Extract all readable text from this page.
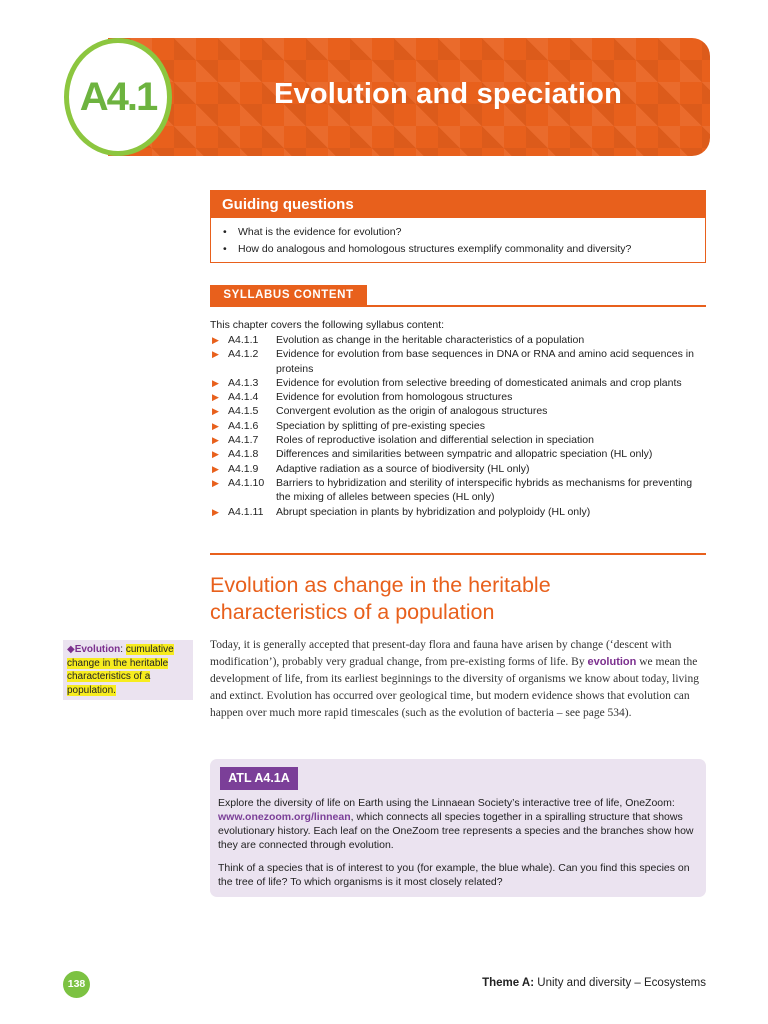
Evolution and speciation
A4.1
Guiding questions
• What is the evidence for evolution?
• How do analogous and homologous structures exemplify commonality and diversity?
SYLLABUS CONTENT
This chapter covers the following syllabus content:
▶ A4.1.1	Evolution as change in the heritable characteristics of a population
▶ A4.1.2	Evidence for evolution from base sequences in DNA or RNA and amino acid sequences in proteins
▶ A4.1.3	Evidence for evolution from selective breeding of domesticated animals and crop plants
▶ A4.1.4	Evidence for evolution from homologous structures
▶ A4.1.5	Convergent evolution as the origin of analogous structures
▶ A4.1.6	Speciation by splitting of pre-existing species
▶ A4.1.7	Roles of reproductive isolation and differential selection in speciation
▶ A4.1.8	Differences and similarities between sympatric and allopatric speciation (HL only)
▶ A4.1.9	Adaptive radiation as a source of biodiversity (HL only)
▶ A4.1.10	Barriers to hybridization and sterility of interspecific hybrids as mechanisms for preventing the mixing of alleles between species (HL only)
▶ A4.1.11	Abrupt speciation in plants by hybridization and polyploidy (HL only)
Evolution as change in the heritable characteristics of a population
◆Evolution: cumulative change in the heritable characteristics of a population.
Today, it is generally accepted that present-day flora and fauna have arisen by change (‘descent with modification’), probably very gradual change, from pre-existing forms of life. By evolution we mean the development of life, from its earliest beginnings to the diversity of organisms we know about today, living and extinct. Evolution has occurred over geological time, but modern evidence shows that evolution can happen over much more rapid timescales (such as the evolution of bacteria – see page 534).
ATL A4.1A

Explore the diversity of life on Earth using the Linnaean Society’s interactive tree of life, OneZoom: www.onezoom.org/linnean, which connects all species together in a spiralling structure that shows evolutionary history. Each leaf on the OneZoom tree represents a species and the branches show how they are connected through evolution.

Think of a species that is of interest to you (for example, the blue whale). Can you find this species on the tree of life? To which organisms is it most closely related?

138	Theme A: Unity and diversity – Ecosystems
